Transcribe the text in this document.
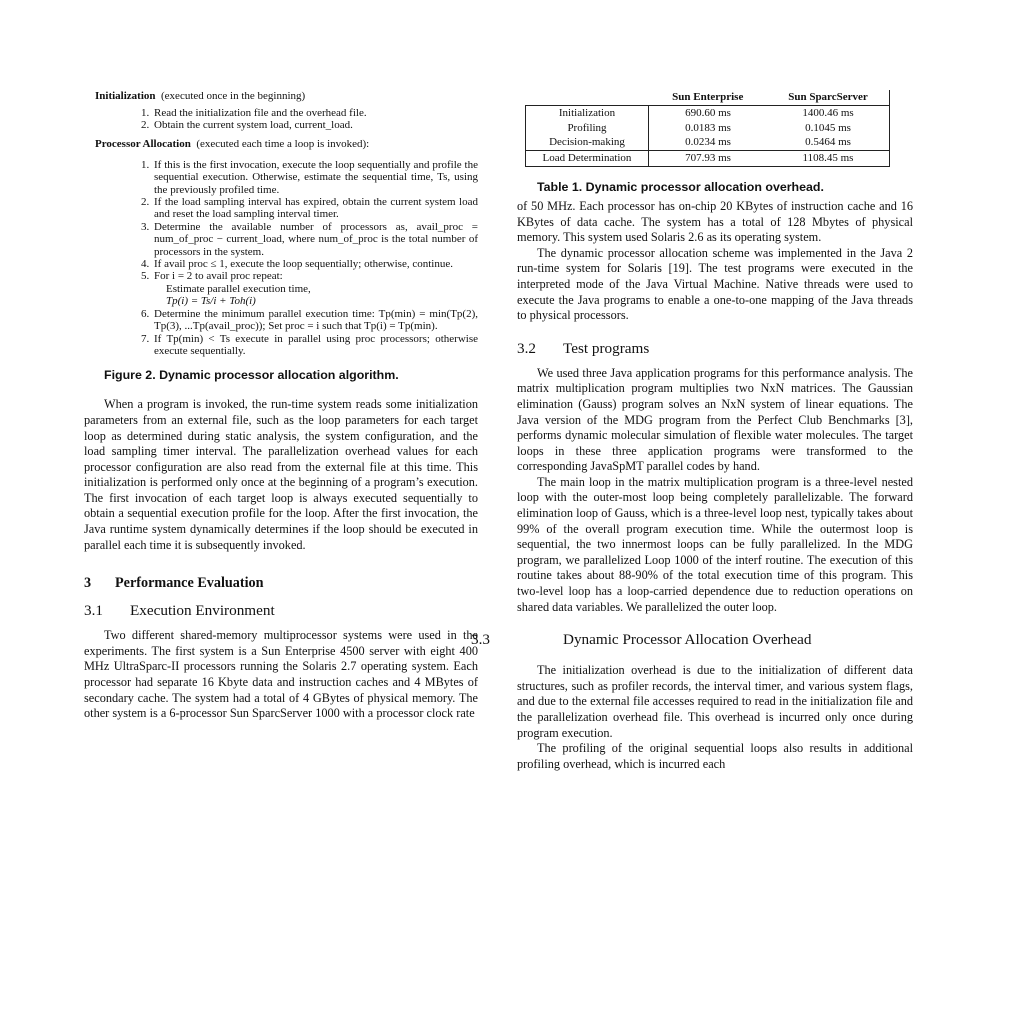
Initialization (executed once in the beginning)
1. Read the initialization file and the overhead file.
2. Obtain the current system load, current_load.
Processor Allocation (executed each time a loop is invoked):
1. If this is the first invocation, execute the loop sequentially and profile the sequential execution. Otherwise, estimate the sequential time, Ts, using the previously profiled time.
2. If the load sampling interval has expired, obtain the current system load and reset the load sampling interval timer.
3. Determine the available number of processors as, avail_proc = num_of_proc − current_load, where num_of_proc is the total number of processors in the system.
4. If avail proc ≤ 1, execute the loop sequentially; otherwise, continue.
5. For i = 2 to avail proc repeat:
Estimate parallel execution time,
Tp(i) = Ts/i + Toh(i)
6. Determine the minimum parallel execution time: Tp(min) = min(Tp(2), Tp(3), ...Tp(avail_proc)); Set proc = i such that Tp(i) = Tp(min).
7. If Tp(min) < Ts execute in parallel using proc processors; otherwise execute sequentially.
Figure 2. Dynamic processor allocation algorithm.

When a program is invoked, the run-time system reads some initialization parameters from an external file, such as the loop parameters for each target loop as determined during static analysis, the system configuration, and the load sampling timer interval. The parallelization overhead values for each processor configuration are also read from the external file at this time. This initialization is performed only once at the beginning of a program’s execution. The first invocation of each target loop is always executed sequentially to obtain a sequential execution profile for the loop. After the first invocation, the Java runtime system dynamically determines if the loop should be executed in parallel each time it is subsequently invoked.

3 Performance Evaluation
3.1 Execution Environment

Two different shared-memory multiprocessor systems were used in the experiments. The first system is a Sun Enterprise 4500 server with eight 400 MHz UltraSparc-II processors running the Solaris 2.7 operating system. Each processor had separate 16 Kbyte data and instruction caches and 4 MBytes of secondary cache. The system had a total of 4 GBytes of physical memory. The other system is a 6-processor Sun SparcServer 1000 with a processor clock rate

	Sun Enterprise	Sun SparcServer
Initialization	690.60 ms	1400.46 ms
Profiling	0.0183 ms	0.1045 ms
Decision-making	0.0234 ms	0.5464 ms
Load Determination	707.93 ms	1108.45 ms
Table 1. Dynamic processor allocation overhead.

of 50 MHz. Each processor has on-chip 20 KBytes of instruction cache and 16 KBytes of data cache. The system has a total of 128 Mbytes of physical memory. This system used Solaris 2.6 as its operating system.

The dynamic processor allocation scheme was implemented in the Java 2 run-time system for Solaris [19]. The test programs were executed in the interpreted mode of the Java Virtual Machine. Native threads were used to execute the Java programs to enable a one-to-one mapping of the Java threads to physical processors.

3.2 Test programs

We used three Java application programs for this performance analysis. The matrix multiplication program multiplies two NxN matrices. The Gaussian elimination (Gauss) program solves an NxN system of linear equations. The Java version of the MDG program from the Perfect Club Benchmarks [3], performs dynamic molecular simulation of flexible water molecules. The target loops in these three application programs were transformed to the corresponding JavaSpMT parallel codes by hand.

The main loop in the matrix multiplication program is a three-level nested loop with the outer-most loop being completely parallelizable. The forward elimination loop of Gauss, which is a three-level loop nest, typically takes about 99% of the overall program execution time. While the outermost loop is sequential, the two innermost loops can be fully parallelized. In the MDG program, we parallelized Loop 1000 of the interf routine. The execution of this routine takes about 88-90% of the total execution time of this program. This two-level loop has a loop-carried dependence due to reduction operations on shared data variables. We parallelized the outer loop.

3.3	Dynamic Processor Allocation Overhead

The initialization overhead is due to the initialization of different data structures, such as profiler records, the interval timer, and various system flags, and due to the external file accesses required to read in the initialization file and the parallelization overhead file. This overhead is incurred only once during program execution.

The profiling of the original sequential loops also results in additional profiling overhead, which is incurred each
